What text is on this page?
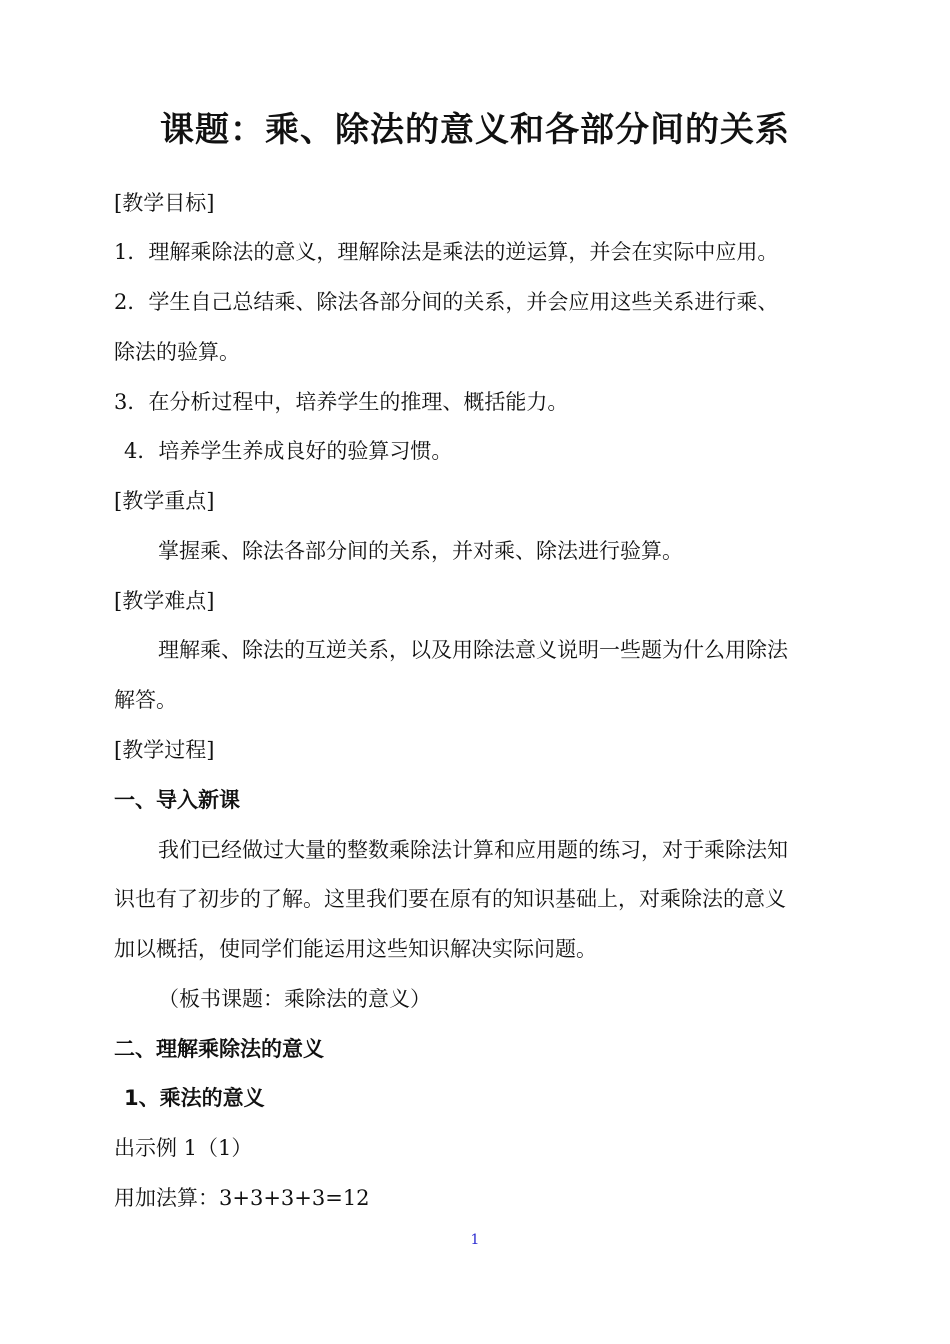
课题：乘、除法的意义和各部分间的关系
[教学目标]
1．理解乘除法的意义，理解除法是乘法的逆运算，并会在实际中应用。
2．学生自己总结乘、除法各部分间的关系，并会应用这些关系进行乘、
除法的验算。
3．在分析过程中，培养学生的推理、概括能力。
4．培养学生养成良好的验算习惯。
[教学重点]
掌握乘、除法各部分间的关系，并对乘、除法进行验算。
[教学难点]
理解乘、除法的互逆关系，以及用除法意义说明一些题为什么用除法
解答。
[教学过程]
一、导入新课
我们已经做过大量的整数乘除法计算和应用题的练习，对于乘除法知
识也有了初步的了解。这里我们要在原有的知识基础上，对乘除法的意义
加以概括，使同学们能运用这些知识解决实际问题。
（板书课题：乘除法的意义）
二、理解乘除法的意义
1、乘法的意义
出示例 1（1）
用加法算：3+3+3+3=12
1
